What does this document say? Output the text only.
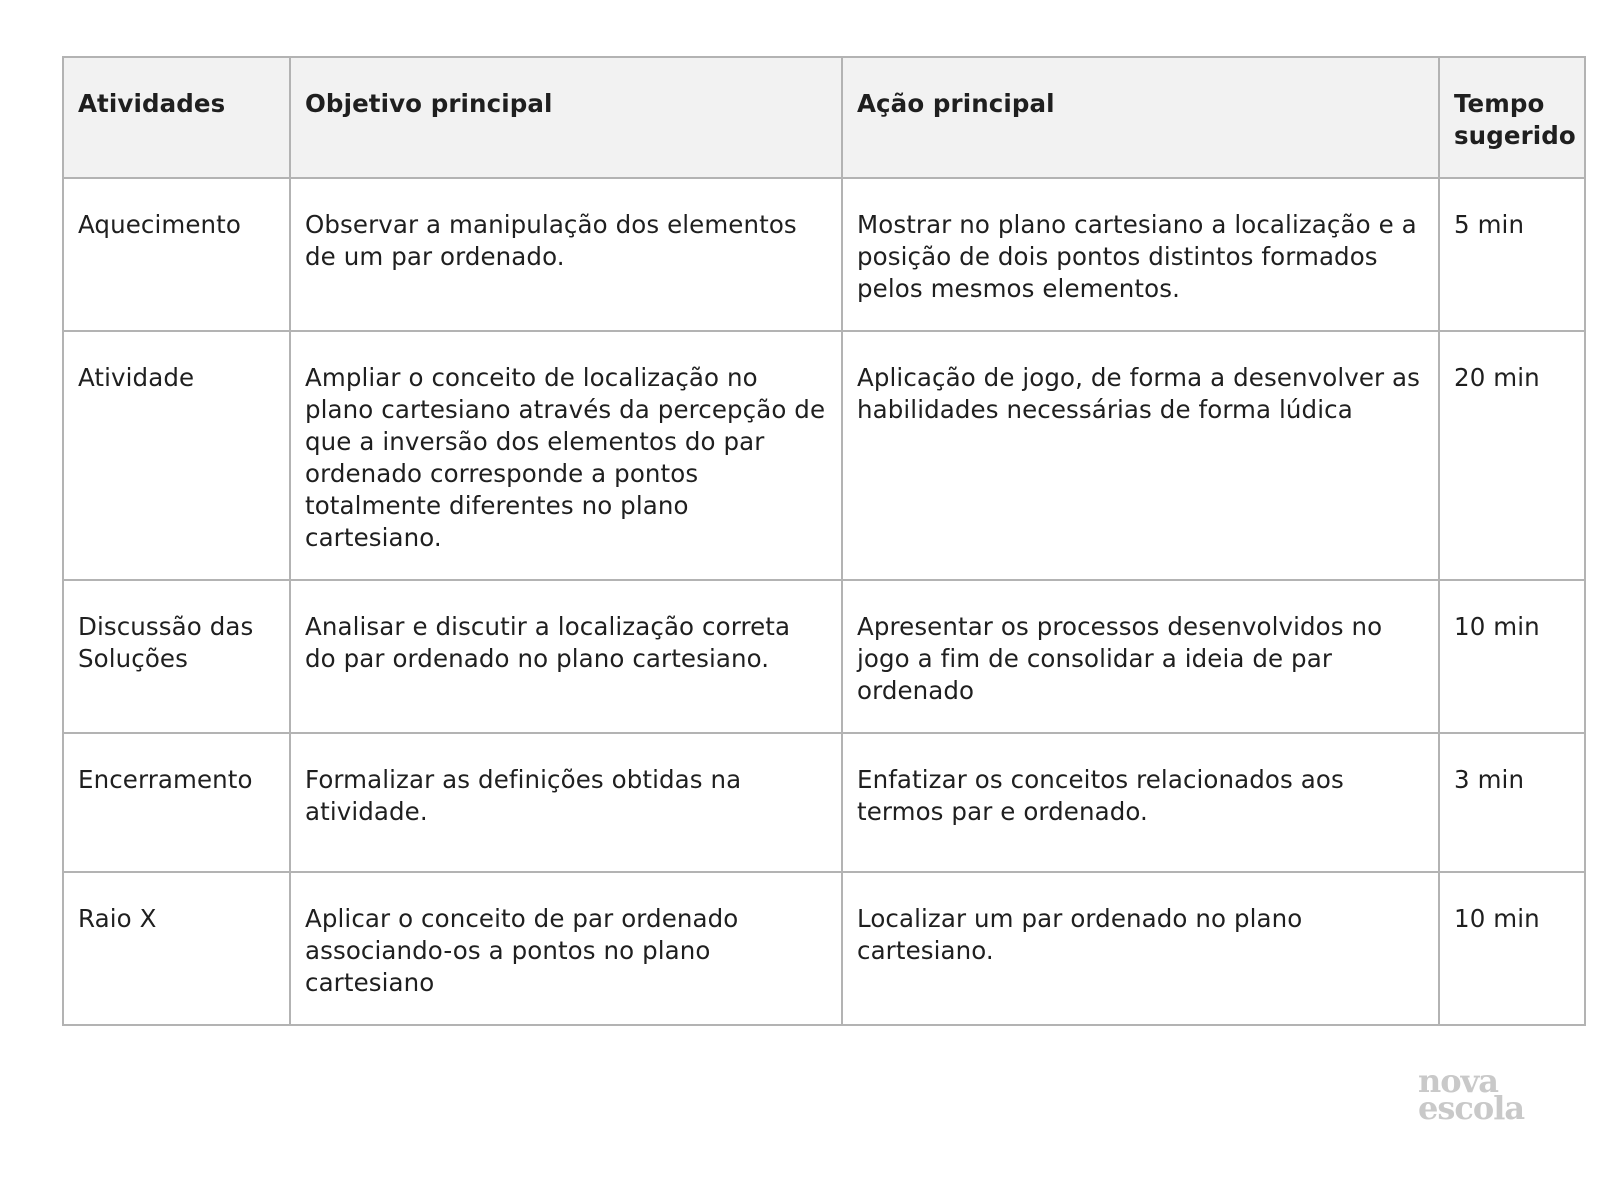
Atividades	Objetivo principal	Ação principal	Tempo sugerido
Aquecimento	Observar a manipulação dos elementos de um par ordenado.	Mostrar no plano cartesiano a localização e a posição de dois pontos distintos formados pelos mesmos elementos.	5 min
Atividade	Ampliar o conceito de localização no plano cartesiano através da percepção de que a inversão dos elementos do par ordenado corresponde a pontos totalmente diferentes no plano cartesiano.	Aplicação de jogo, de forma a desenvolver as habilidades necessárias de forma lúdica	20 min
Discussão das Soluções	Analisar e discutir a localização correta do par ordenado no plano cartesiano.	Apresentar os processos desenvolvidos no jogo a fim de consolidar a ideia de par ordenado	10 min
Encerramento	Formalizar as definições obtidas na atividade.	Enfatizar os conceitos relacionados aos termos par e ordenado.	3 min
Raio X	Aplicar o conceito de par ordenado associando-os a pontos no plano cartesiano	Localizar um par ordenado no plano cartesiano.	10 min
nova
escola
